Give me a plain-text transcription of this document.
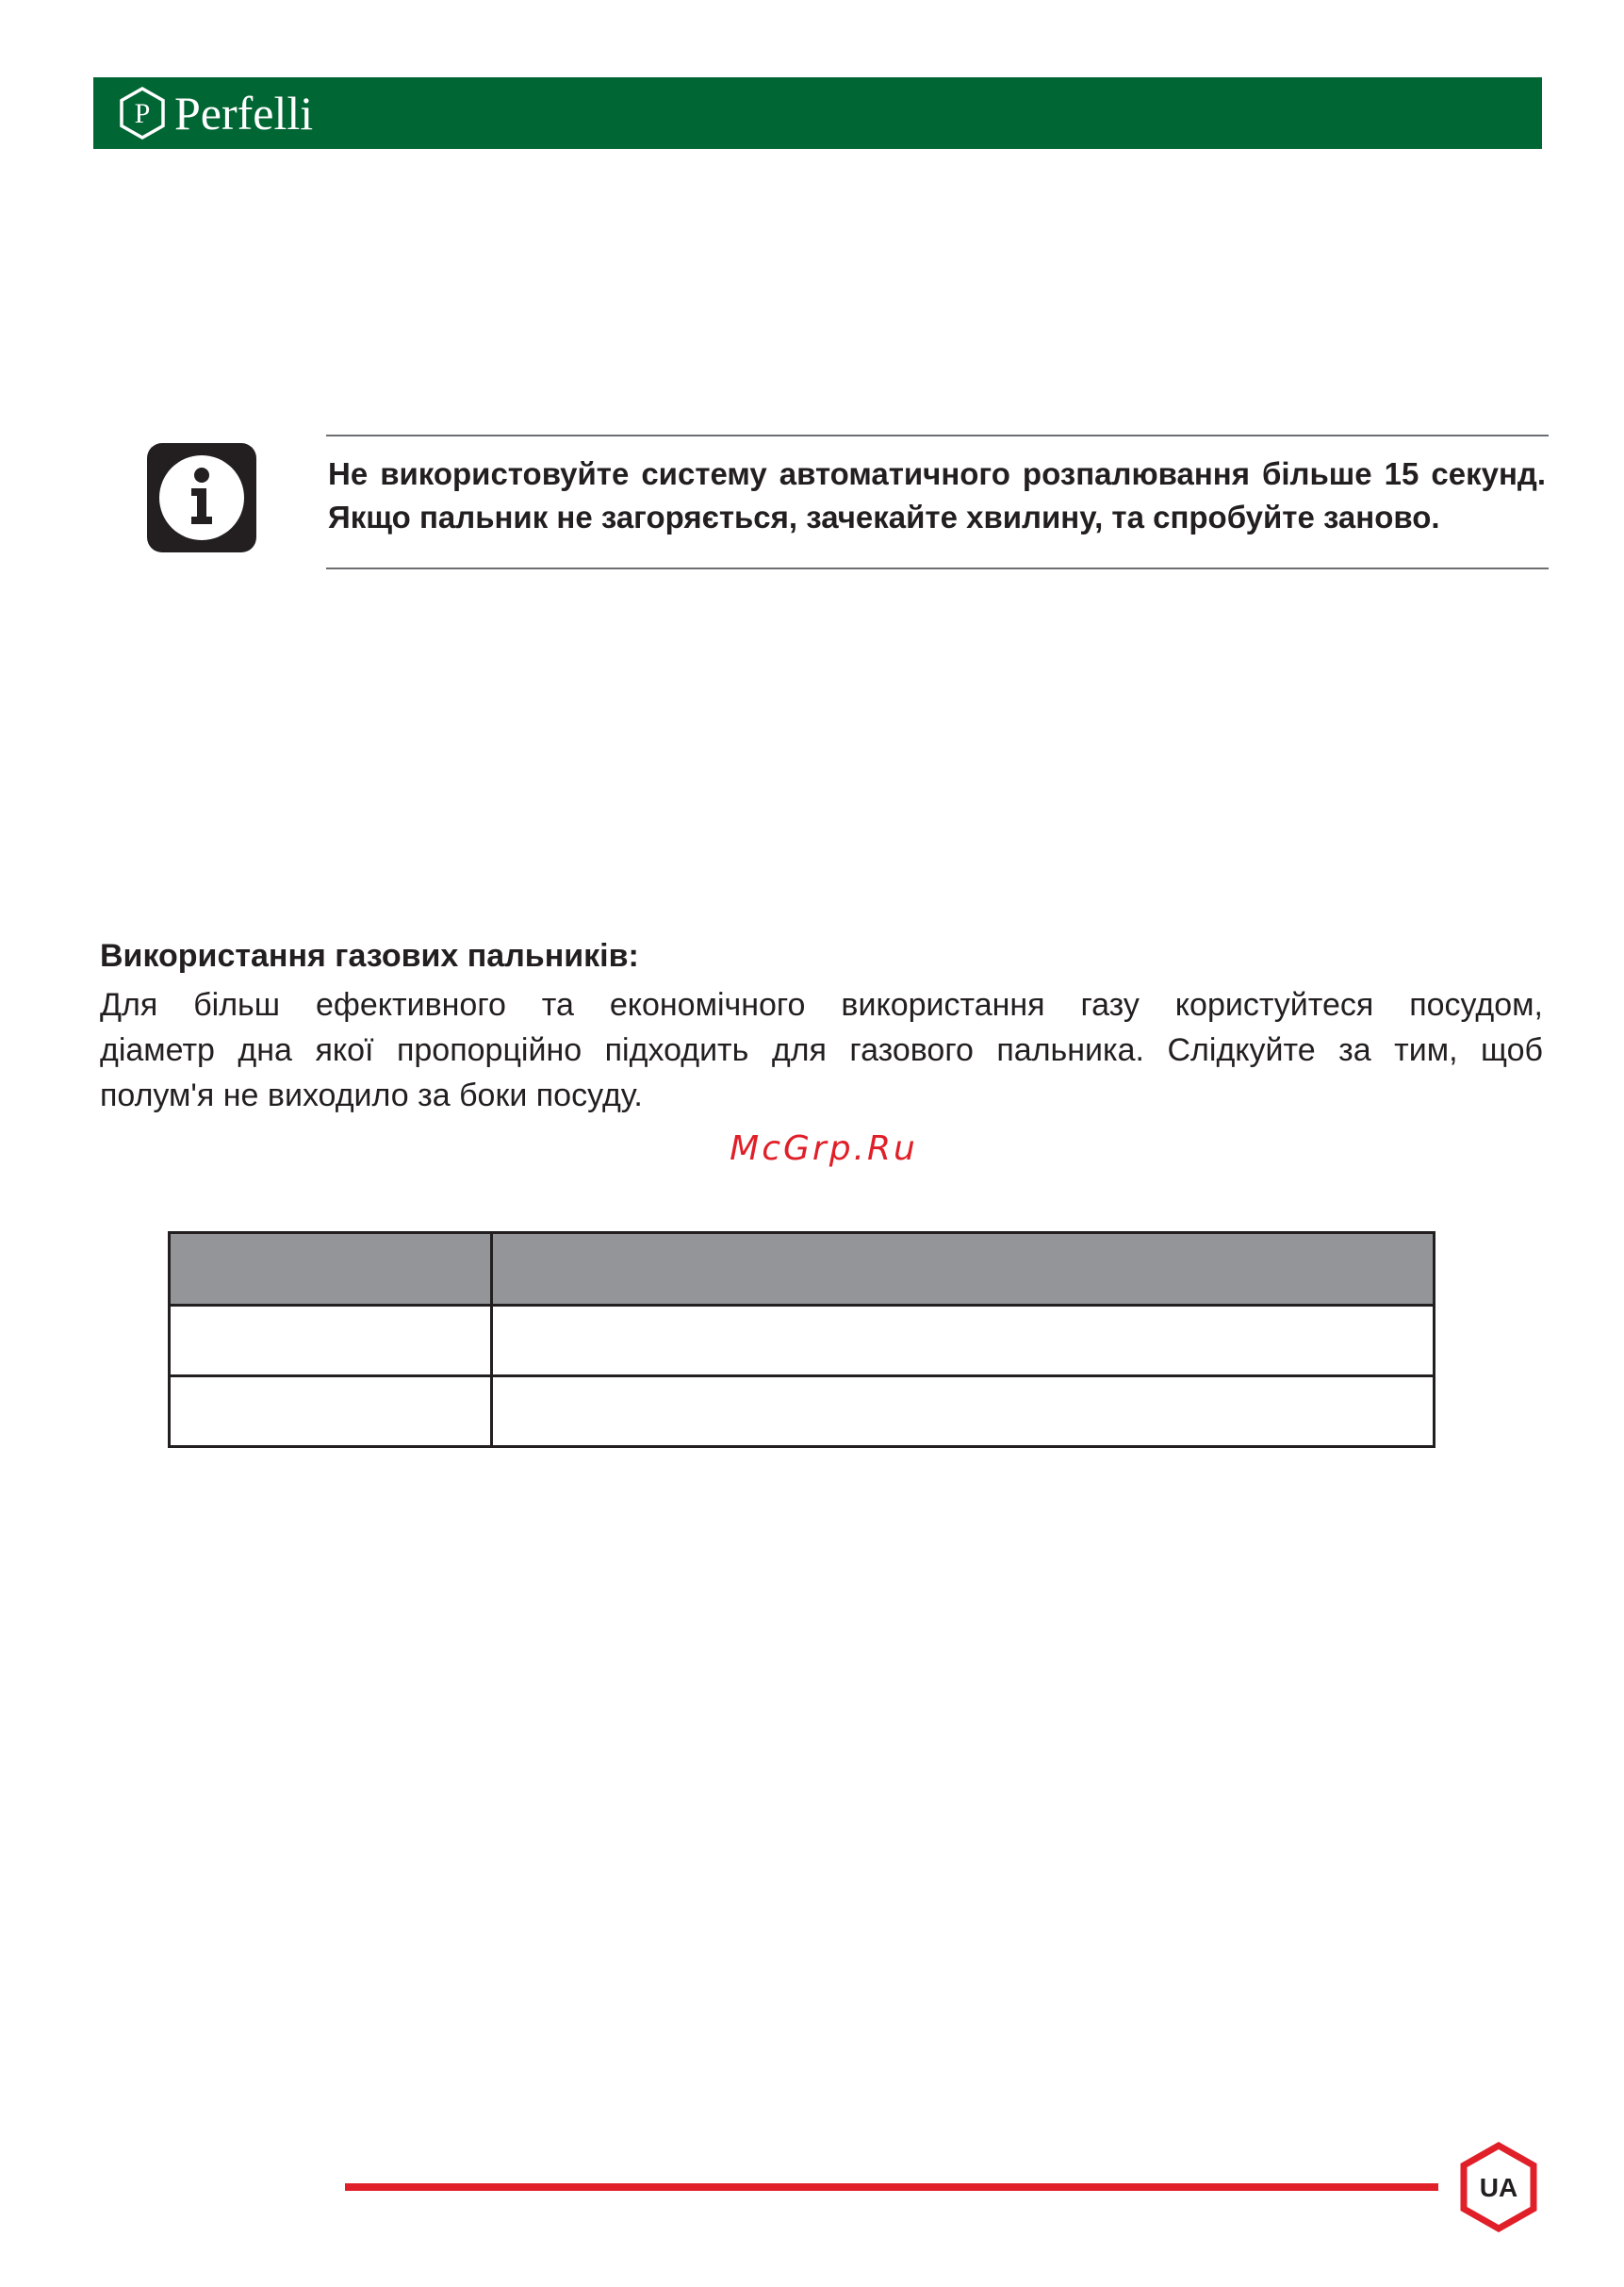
P Perfelli
Не використовуйте систему автоматичного розпалювання більше 15 секунд.
Якщо пальник не загоряється, зачекайте хвилину, та спробуйте заново.
Використання газових пальників:
Для більш ефективного та економічного використання газу користуйтеся посудом,
діаметр дна якої пропорційно підходить для газового пальника. Слідкуйте за тим, щоб
полум'я не виходило за боки посуду.
McGrp.Ru

UA
